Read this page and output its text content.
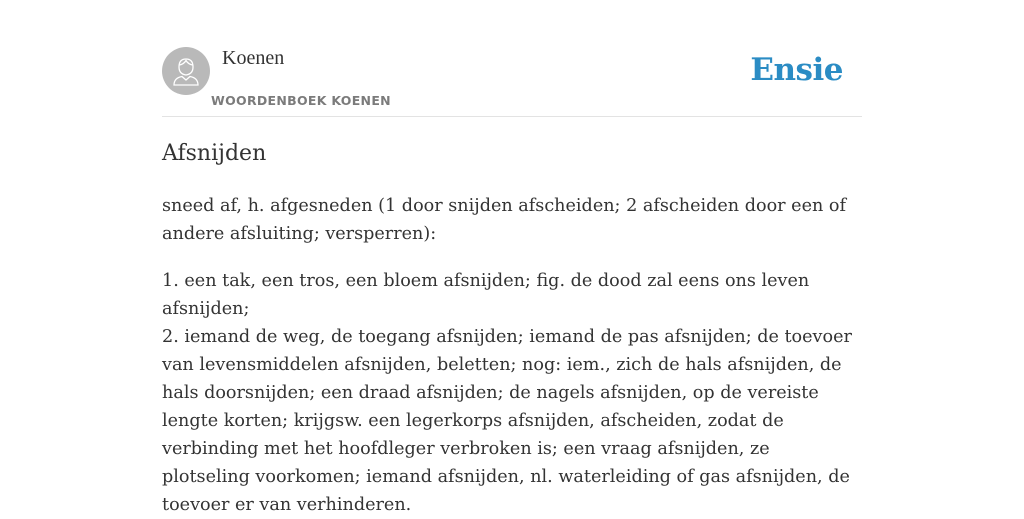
Koenen
WOORDENBOEK KOENEN
Ensie
Afsnijden

sneed af, h. afgesneden (1 door snijden afscheiden; 2 afscheiden door een of andere afsluiting; versperren):

1. een tak, een tros, een bloem afsnijden; fig. de dood zal eens ons leven afsnijden;

2. iemand de weg, de toegang afsnijden; iemand de pas afsnijden; de toevoer van levensmiddelen afsnijden, beletten; nog: iem., zich de hals afsnijden, de hals doorsnijden; een draad afsnijden; de nagels afsnijden, op de vereiste lengte korten; krijgsw. een legerkorps afsnijden, afscheiden, zodat de verbinding met het hoofdleger verbroken is; een vraag afsnijden, ze plotseling voorkomen; iemand afsnijden, nl. waterleiding of gas afsnijden, de toevoer er van verhinderen.
